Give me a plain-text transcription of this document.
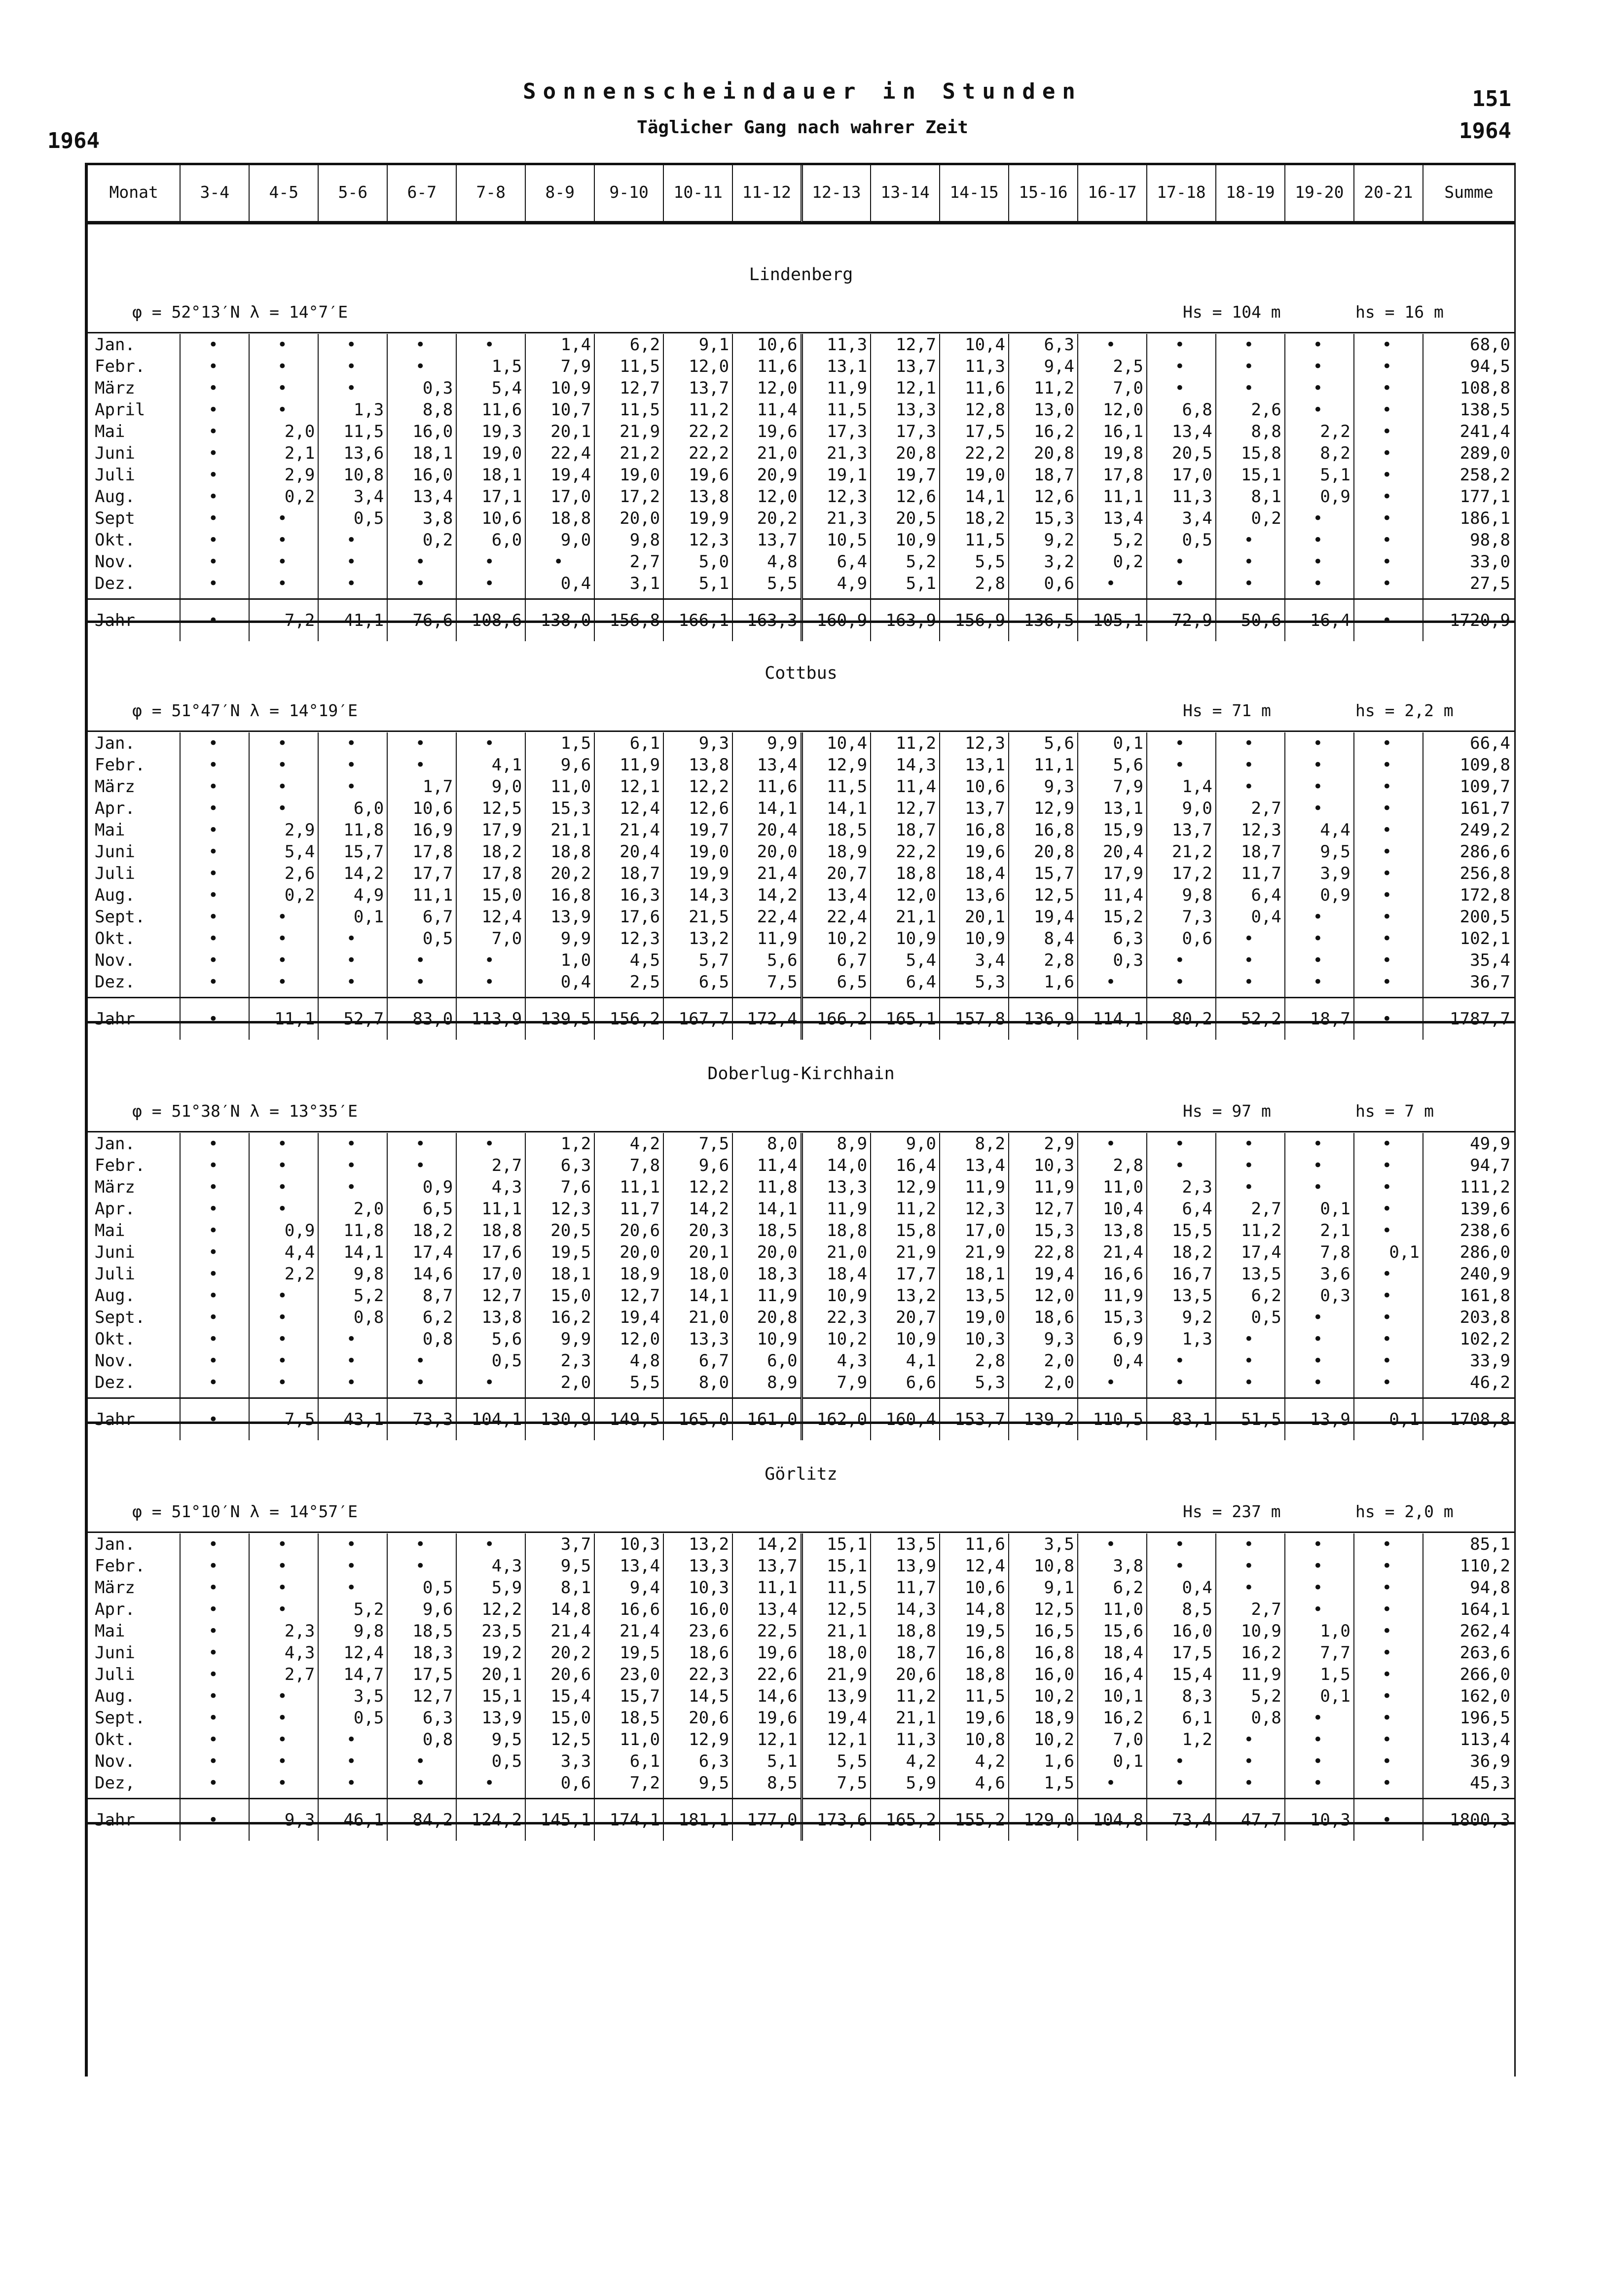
Sonnenscheindauer in Stunden
Täglicher Gang nach wahrer Zeit
1964
151
1964
Monat	3-4	4-5	5-6	6-7	7-8	8-9	9-10	10-11	11-12	12-13	13-14	14-15	15-16	16-17	17-18	18-19	19-20	20-21	Summe
Lindenberg
φ = 52°13′N λ = 14°7′E	Hs = 104 m	hs = 16 m
Jan.	•	•	•	•	•	1,4	6,2	9,1	10,6	11,3	12,7	10,4	6,3	•	•	•	•	•	68,0
Febr.	•	•	•	•	1,5	7,9	11,5	12,0	11,6	13,1	13,7	11,3	9,4	2,5	•	•	•	•	94,5
März	•	•	•	0,3	5,4	10,9	12,7	13,7	12,0	11,9	12,1	11,6	11,2	7,0	•	•	•	•	108,8
April	•	•	1,3	8,8	11,6	10,7	11,5	11,2	11,4	11,5	13,3	12,8	13,0	12,0	6,8	2,6	•	•	138,5
Mai	•	2,0	11,5	16,0	19,3	20,1	21,9	22,2	19,6	17,3	17,3	17,5	16,2	16,1	13,4	8,8	2,2	•	241,4
Juni	•	2,1	13,6	18,1	19,0	22,4	21,2	22,2	21,0	21,3	20,8	22,2	20,8	19,8	20,5	15,8	8,2	•	289,0
Juli	•	2,9	10,8	16,0	18,1	19,4	19,0	19,6	20,9	19,1	19,7	19,0	18,7	17,8	17,0	15,1	5,1	•	258,2
Aug.	•	0,2	3,4	13,4	17,1	17,0	17,2	13,8	12,0	12,3	12,6	14,1	12,6	11,1	11,3	8,1	0,9	•	177,1
Sept	•	•	0,5	3,8	10,6	18,8	20,0	19,9	20,2	21,3	20,5	18,2	15,3	13,4	3,4	0,2	•	•	186,1
Okt.	•	•	•	0,2	6,0	9,0	9,8	12,3	13,7	10,5	10,9	11,5	9,2	5,2	0,5	•	•	•	98,8
Nov.	•	•	•	•	•	•	2,7	5,0	4,8	6,4	5,2	5,5	3,2	0,2	•	•	•	•	33,0
Dez.	•	•	•	•	•	0,4	3,1	5,1	5,5	4,9	5,1	2,8	0,6	•	•	•	•	•	27,5

Jahr	•	7,2	41,1	76,6	108,6	138,0	156,8	166,1	163,3	160,9	163,9	156,9	136,5	105,1	72,9	50,6	16,4	•	1720,9
Cottbus
φ = 51°47′N λ = 14°19′E	Hs = 71 m	hs = 2,2 m
Jan.	•	•	•	•	•	1,5	6,1	9,3	9,9	10,4	11,2	12,3	5,6	0,1	•	•	•	•	66,4
Febr.	•	•	•	•	4,1	9,6	11,9	13,8	13,4	12,9	14,3	13,1	11,1	5,6	•	•	•	•	109,8
März	•	•	•	1,7	9,0	11,0	12,1	12,2	11,6	11,5	11,4	10,6	9,3	7,9	1,4	•	•	•	109,7
Apr.	•	•	6,0	10,6	12,5	15,3	12,4	12,6	14,1	14,1	12,7	13,7	12,9	13,1	9,0	2,7	•	•	161,7
Mai	•	2,9	11,8	16,9	17,9	21,1	21,4	19,7	20,4	18,5	18,7	16,8	16,8	15,9	13,7	12,3	4,4	•	249,2
Juni	•	5,4	15,7	17,8	18,2	18,8	20,4	19,0	20,0	18,9	22,2	19,6	20,8	20,4	21,2	18,7	9,5	•	286,6
Juli	•	2,6	14,2	17,7	17,8	20,2	18,7	19,9	21,4	20,7	18,8	18,4	15,7	17,9	17,2	11,7	3,9	•	256,8
Aug.	•	0,2	4,9	11,1	15,0	16,8	16,3	14,3	14,2	13,4	12,0	13,6	12,5	11,4	9,8	6,4	0,9	•	172,8
Sept.	•	•	0,1	6,7	12,4	13,9	17,6	21,5	22,4	22,4	21,1	20,1	19,4	15,2	7,3	0,4	•	•	200,5
Okt.	•	•	•	0,5	7,0	9,9	12,3	13,2	11,9	10,2	10,9	10,9	8,4	6,3	0,6	•	•	•	102,1
Nov.	•	•	•	•	•	1,0	4,5	5,7	5,6	6,7	5,4	3,4	2,8	0,3	•	•	•	•	35,4
Dez.	•	•	•	•	•	0,4	2,5	6,5	7,5	6,5	6,4	5,3	1,6	•	•	•	•	•	36,7

Jahr	•	11,1	52,7	83,0	113,9	139,5	156,2	167,7	172,4	166,2	165,1	157,8	136,9	114,1	80,2	52,2	18,7	•	1787,7
Doberlug-Kirchhain
φ = 51°38′N λ = 13°35′E	Hs = 97 m	hs = 7 m
Jan.	•	•	•	•	•	1,2	4,2	7,5	8,0	8,9	9,0	8,2	2,9	•	•	•	•	•	49,9
Febr.	•	•	•	•	2,7	6,3	7,8	9,6	11,4	14,0	16,4	13,4	10,3	2,8	•	•	•	•	94,7
März	•	•	•	0,9	4,3	7,6	11,1	12,2	11,8	13,3	12,9	11,9	11,9	11,0	2,3	•	•	•	111,2
Apr.	•	•	2,0	6,5	11,1	12,3	11,7	14,2	14,1	11,9	11,2	12,3	12,7	10,4	6,4	2,7	0,1	•	139,6
Mai	•	0,9	11,8	18,2	18,8	20,5	20,6	20,3	18,5	18,8	15,8	17,0	15,3	13,8	15,5	11,2	2,1	•	238,6
Juni	•	4,4	14,1	17,4	17,6	19,5	20,0	20,1	20,0	21,0	21,9	21,9	22,8	21,4	18,2	17,4	7,8	0,1	286,0
Juli	•	2,2	9,8	14,6	17,0	18,1	18,9	18,0	18,3	18,4	17,7	18,1	19,4	16,6	16,7	13,5	3,6	•	240,9
Aug.	•	•	5,2	8,7	12,7	15,0	12,7	14,1	11,9	10,9	13,2	13,5	12,0	11,9	13,5	6,2	0,3	•	161,8
Sept.	•	•	0,8	6,2	13,8	16,2	19,4	21,0	20,8	22,3	20,7	19,0	18,6	15,3	9,2	0,5	•	•	203,8
Okt.	•	•	•	0,8	5,6	9,9	12,0	13,3	10,9	10,2	10,9	10,3	9,3	6,9	1,3	•	•	•	102,2
Nov.	•	•	•	•	0,5	2,3	4,8	6,7	6,0	4,3	4,1	2,8	2,0	0,4	•	•	•	•	33,9
Dez.	•	•	•	•	•	2,0	5,5	8,0	8,9	7,9	6,6	5,3	2,0	•	•	•	•	•	46,2

Jahr	•	7,5	43,1	73,3	104,1	130,9	149,5	165,0	161,0	162,0	160,4	153,7	139,2	110,5	83,1	51,5	13,9	0,1	1708,8
Görlitz
φ = 51°10′N λ = 14°57′E	Hs = 237 m	hs = 2,0 m
Jan.	•	•	•	•	•	3,7	10,3	13,2	14,2	15,1	13,5	11,6	3,5	•	•	•	•	•	85,1
Febr.	•	•	•	•	4,3	9,5	13,4	13,3	13,7	15,1	13,9	12,4	10,8	3,8	•	•	•	•	110,2
März	•	•	•	0,5	5,9	8,1	9,4	10,3	11,1	11,5	11,7	10,6	9,1	6,2	0,4	•	•	•	94,8
Apr.	•	•	5,2	9,6	12,2	14,8	16,6	16,0	13,4	12,5	14,3	14,8	12,5	11,0	8,5	2,7	•	•	164,1
Mai	•	2,3	9,8	18,5	23,5	21,4	21,4	23,6	22,5	21,1	18,8	19,5	16,5	15,6	16,0	10,9	1,0	•	262,4
Juni	•	4,3	12,4	18,3	19,2	20,2	19,5	18,6	19,6	18,0	18,7	16,8	16,8	18,4	17,5	16,2	7,7	•	263,6
Juli	•	2,7	14,7	17,5	20,1	20,6	23,0	22,3	22,6	21,9	20,6	18,8	16,0	16,4	15,4	11,9	1,5	•	266,0
Aug.	•	•	3,5	12,7	15,1	15,4	15,7	14,5	14,6	13,9	11,2	11,5	10,2	10,1	8,3	5,2	0,1	•	162,0
Sept.	•	•	0,5	6,3	13,9	15,0	18,5	20,6	19,6	19,4	21,1	19,6	18,9	16,2	6,1	0,8	•	•	196,5
Okt.	•	•	•	0,8	9,5	12,5	11,0	12,9	12,1	12,1	11,3	10,8	10,2	7,0	1,2	•	•	•	113,4
Nov.	•	•	•	•	0,5	3,3	6,1	6,3	5,1	5,5	4,2	4,2	1,6	0,1	•	•	•	•	36,9
Dez,	•	•	•	•	•	0,6	7,2	9,5	8,5	7,5	5,9	4,6	1,5	•	•	•	•	•	45,3

Jahr	•	9,3	46,1	84,2	124,2	145,1	174,1	181,1	177,0	173,6	165,2	155,2	129,0	104,8	73,4	47,7	10,3	•	1800,3
